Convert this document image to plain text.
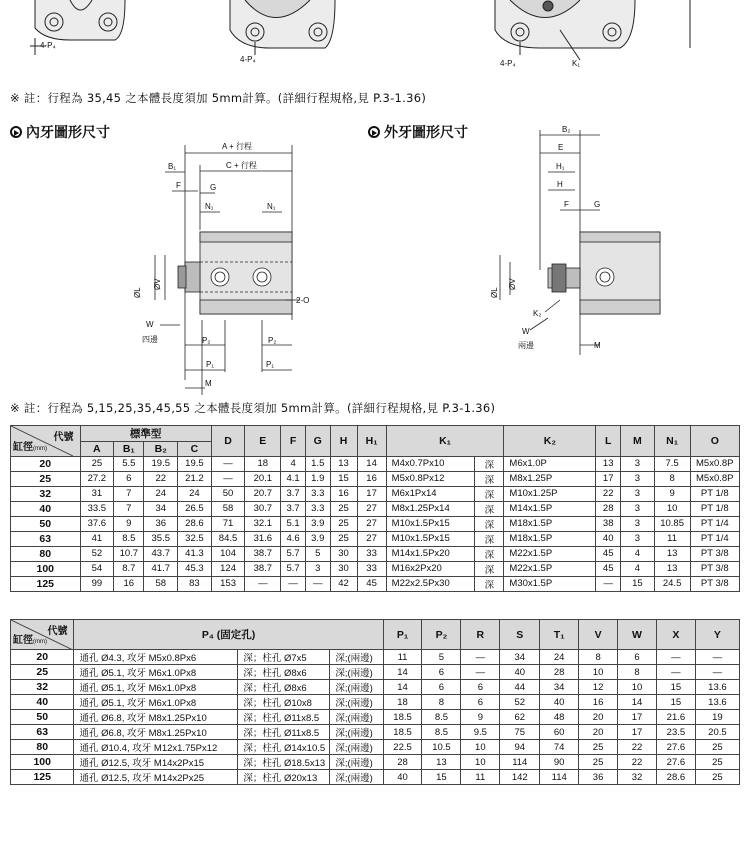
4-P₄
4-P₄	4-P₄	K₁
A + 行程
C + 行程
B₁
F	G
N₁	N₁
ØL
ØV
2-O
W
四邊	P₂	P₂
P₁	P₁
M
B₂
E
H₁
H
F	G
ØL
ØV
K₂
W
兩邊	M
※ 註：行程為 35,45 之本體長度須加 5mm計算。(詳細行程規格,見 P.3-1.36)
內牙圖形尺寸	外牙圖形尺寸
※ 註：行程為 5,15,25,35,45,55 之本體長度須加 5mm計算。(詳細行程規格,見 P.3-1.36)
代號
缸徑(mm)	標準型				D	E	F	G	H	H₁	K₁		K₂	L	M	N₁	O
	A	B₁	B₂	C													
20	25	5.5	19.5	19.5	—	18	4	1.5	13	14	M4x0.7Px10	深	M6x1.0P	13	3	7.5	M5x0.8P
25	27.2	6	22	21.2	—	20.1	4.1	1.9	15	16	M5x0.8Px12	深	M8x1.25P	17	3	8	M5x0.8P
32	31	7	24	24	50	20.7	3.7	3.3	16	17	M6x1Px14	深	M10x1.25P	22	3	9	PT 1/8
40	33.5	7	34	26.5	58	30.7	3.7	3.3	25	27	M8x1.25Px14	深	M14x1.5P	28	3	10	PT 1/8
50	37.6	9	36	28.6	71	32.1	5.1	3.9	25	27	M10x1.5Px15	深	M18x1.5P	38	3	10.85	PT 1/4
63	41	8.5	35.5	32.5	84.5	31.6	4.6	3.9	25	27	M10x1.5Px15	深	M18x1.5P	40	3	11	PT 1/4
80	52	10.7	43.7	41.3	104	38.7	5.7	5	30	33	M14x1.5Px20	深	M22x1.5P	45	4	13	PT 3/8
100	54	8.7	41.7	45.3	124	38.7	5.7	3	30	33	M16x2Px20	深	M22x1.5P	45	4	13	PT 3/8
125	99	16	58	83	153	—	—	—	42	45	M22x2.5Px30	深	M30x1.5P	—	15	24.5	PT 3/8
代號
缸徑(mm)	P₄ (固定孔)			P₁	P₂	R	S	T₁	V	W	X	Y
20	通孔 Ø4.3, 攻牙 M5x0.8Px6	深；柱孔 Ø7x5	深;(兩邊)	11	5	—	34	24	8	6	—	—
25	通孔 Ø5.1, 攻牙 M6x1.0Px8	深；柱孔 Ø8x6	深;(兩邊)	14	6	—	40	28	10	8	—	—
32	通孔 Ø5.1, 攻牙 M6x1.0Px8	深；柱孔 Ø8x6	深;(兩邊)	14	6	6	44	34	12	10	15	13.6
40	通孔 Ø5.1, 攻牙 M6x1.0Px8	深；柱孔 Ø10x8	深;(兩邊)	18	8	6	52	40	16	14	15	13.6
50	通孔 Ø6.8, 攻牙 M8x1.25Px10	深；柱孔 Ø11x8.5	深;(兩邊)	18.5	8.5	9	62	48	20	17	21.6	19
63	通孔 Ø6.8, 攻牙 M8x1.25Px10	深；柱孔 Ø11x8.5	深;(兩邊)	18.5	8.5	9.5	75	60	20	17	23.5	20.5
80	通孔 Ø10.4, 攻牙 M12x1.75Px12	深；柱孔 Ø14x10.5	深;(兩邊)	22.5	10.5	10	94	74	25	22	27.6	25
100	通孔 Ø12.5, 攻牙 M14x2Px15	深；柱孔 Ø18.5x13	深;(兩邊)	28	13	10	114	90	25	22	27.6	25
125	通孔 Ø12.5, 攻牙 M14x2Px25	深；柱孔 Ø20x13	深;(兩邊)	40	15	11	142	114	36	32	28.6	25
